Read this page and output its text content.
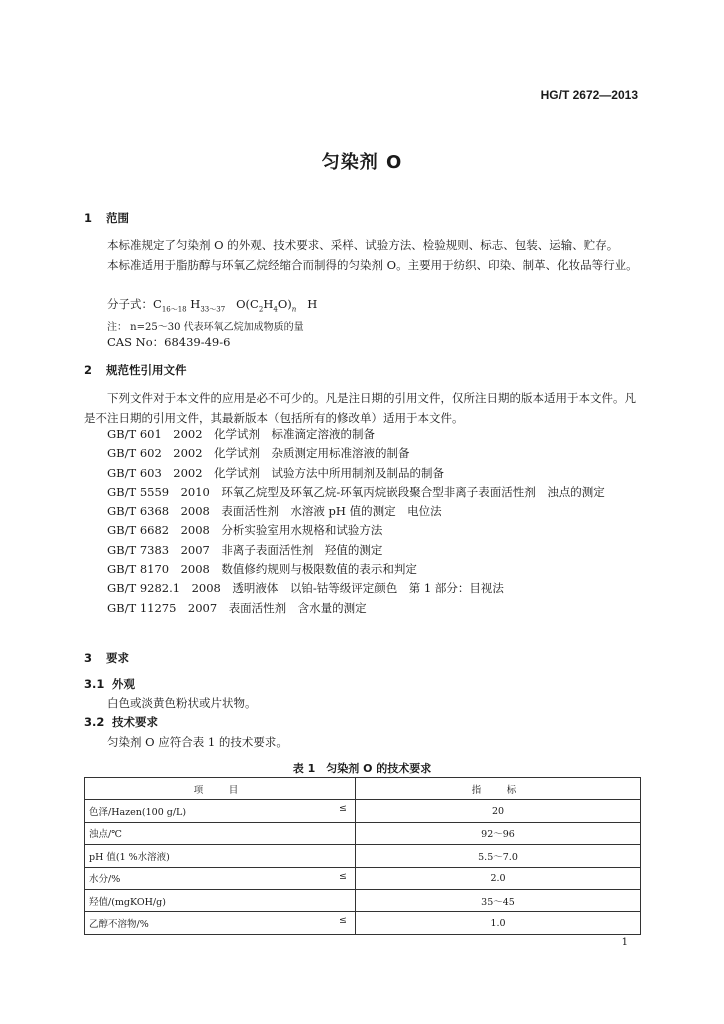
HG/T 2672—2013
匀染剂 O
1 范围
本标准规定了匀染剂 O 的外观、技术要求、采样、试验方法、检验规则、标志、包装、运输、贮存。
本标准适用于脂肪醇与环氧乙烷经缩合而制得的匀染剂 O。主要用于纺织、印染、制革、化妆品等行业。
分子式：$C_{16\sim 18}$ $H_{33\sim 37}$ $O(C_2H_4O)_n$ H
注： n=25～30 代表环氧乙烷加成物质的量
CAS No：68439-49-6
2 规范性引用文件
下列文件对于本文件的应用是必不可少的。凡是注日期的引用文件，仅所注日期的版本适用于本文件。凡是不注日期的引用文件，其最新版本（包括所有的修改单）适用于本文件。
GB/T 601　2002　化学试剂　标准滴定溶液的制备
GB/T 602　2002　化学试剂　杂质测定用标准溶液的制备
GB/T 603　2002　化学试剂　试验方法中所用制剂及制品的制备
GB/T 5559　2010　环氧乙烷型及环氧乙烷-环氧丙烷嵌段聚合型非离子表面活性剂　浊点的测定
GB/T 6368　2008　表面活性剂　水溶液 pH 值的测定　电位法
GB/T 6682　2008　分析实验室用水规格和试验方法
GB/T 7383　2007　非离子表面活性剂　羟值的测定
GB/T 8170　2008　数值修约规则与极限数值的表示和判定
GB/T 9282.1　2008　透明液体　以铂-钴等级评定颜色　第 1 部分：目视法
GB/T 11275　2007　表面活性剂　含水量的测定
3 要求
3.1 外观
白色或淡黄色粉状或片状物。
3.2 技术要求
匀染剂 O 应符合表 1 的技术要求。
表 1　匀染剂 O 的技术要求
项　目	指　标
色泽/Hazen(100 g/L) ≤	20
浊点/℃	92～96
pH 值(1 %水溶液)	5.5～7.0
水分/% ≤	2.0
羟值/(mgKOH/g)	35～45
乙醇不溶物/% ≤	1.0
1
